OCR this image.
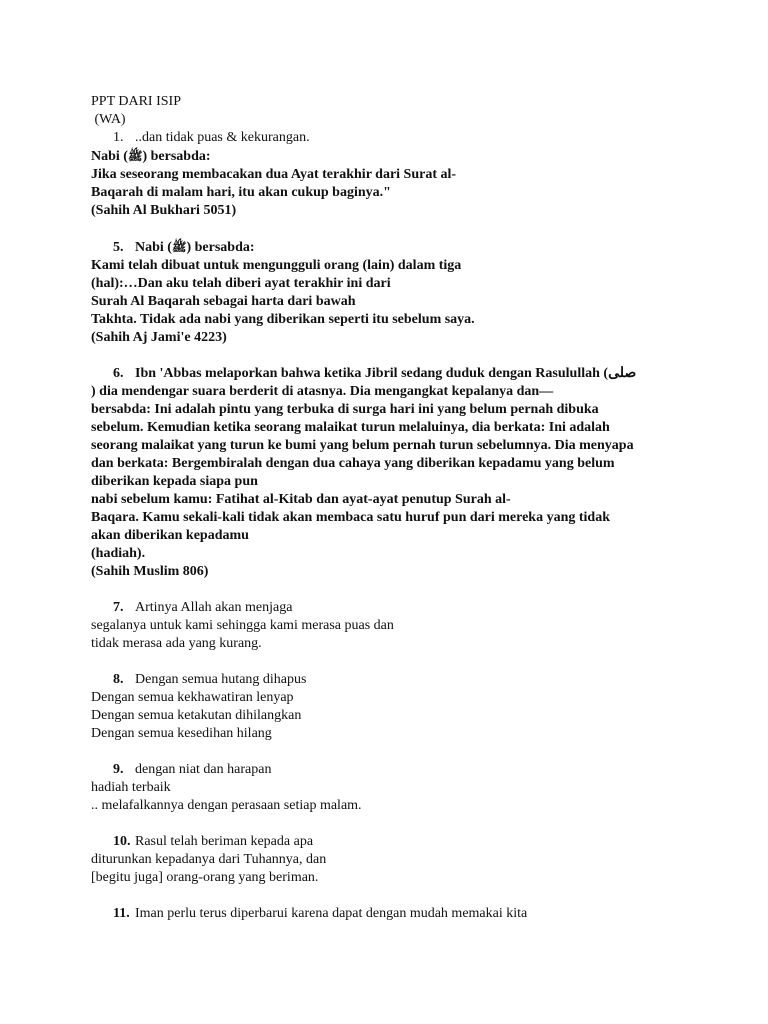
PPT DARI ISIP
(WA)
1. ..dan tidak puas & kekurangan.
Nabi (ﷺ) bersabda:
Jika seseorang membacakan dua Ayat terakhir dari Surat al-
Baqarah di malam hari, itu akan cukup baginya."
(Sahih Al Bukhari 5051)
5. Nabi (ﷺ) bersabda:
Kami telah dibuat untuk mengungguli orang (lain) dalam tiga
(hal):…Dan aku telah diberi ayat terakhir ini dari
Surah Al Baqarah sebagai harta dari bawah
Takhta. Tidak ada nabi yang diberikan seperti itu sebelum saya.
(Sahih Aj Jami'e 4223)
6. Ibn 'Abbas melaporkan bahwa ketika Jibril sedang duduk dengan Rasulullah (صلى
) dia mendengar suara berderit di atasnya. Dia mengangkat kepalanya dan—
bersabda: Ini adalah pintu yang terbuka di surga hari ini yang belum pernah dibuka
sebelum. Kemudian ketika seorang malaikat turun melaluinya, dia berkata: Ini adalah
seorang malaikat yang turun ke bumi yang belum pernah turun sebelumnya. Dia menyapa
dan berkata: Bergembiralah dengan dua cahaya yang diberikan kepadamu yang belum
diberikan kepada siapa pun
nabi sebelum kamu: Fatihat al-Kitab dan ayat-ayat penutup Surah al-
Baqara. Kamu sekali-kali tidak akan membaca satu huruf pun dari mereka yang tidak
akan diberikan kepadamu
(hadiah).
(Sahih Muslim 806)
7. Artinya Allah akan menjaga
segalanya untuk kami sehingga kami merasa puas dan
tidak merasa ada yang kurang.
8. Dengan semua hutang dihapus
Dengan semua kekhawatiran lenyap
Dengan semua ketakutan dihilangkan
Dengan semua kesedihan hilang
9. dengan niat dan harapan
hadiah terbaik
.. melafalkannya dengan perasaan setiap malam.
10. Rasul telah beriman kepada apa
diturunkan kepadanya dari Tuhannya, dan
[begitu juga] orang-orang yang beriman.
11. Iman perlu terus diperbarui karena dapat dengan mudah memakai kita
